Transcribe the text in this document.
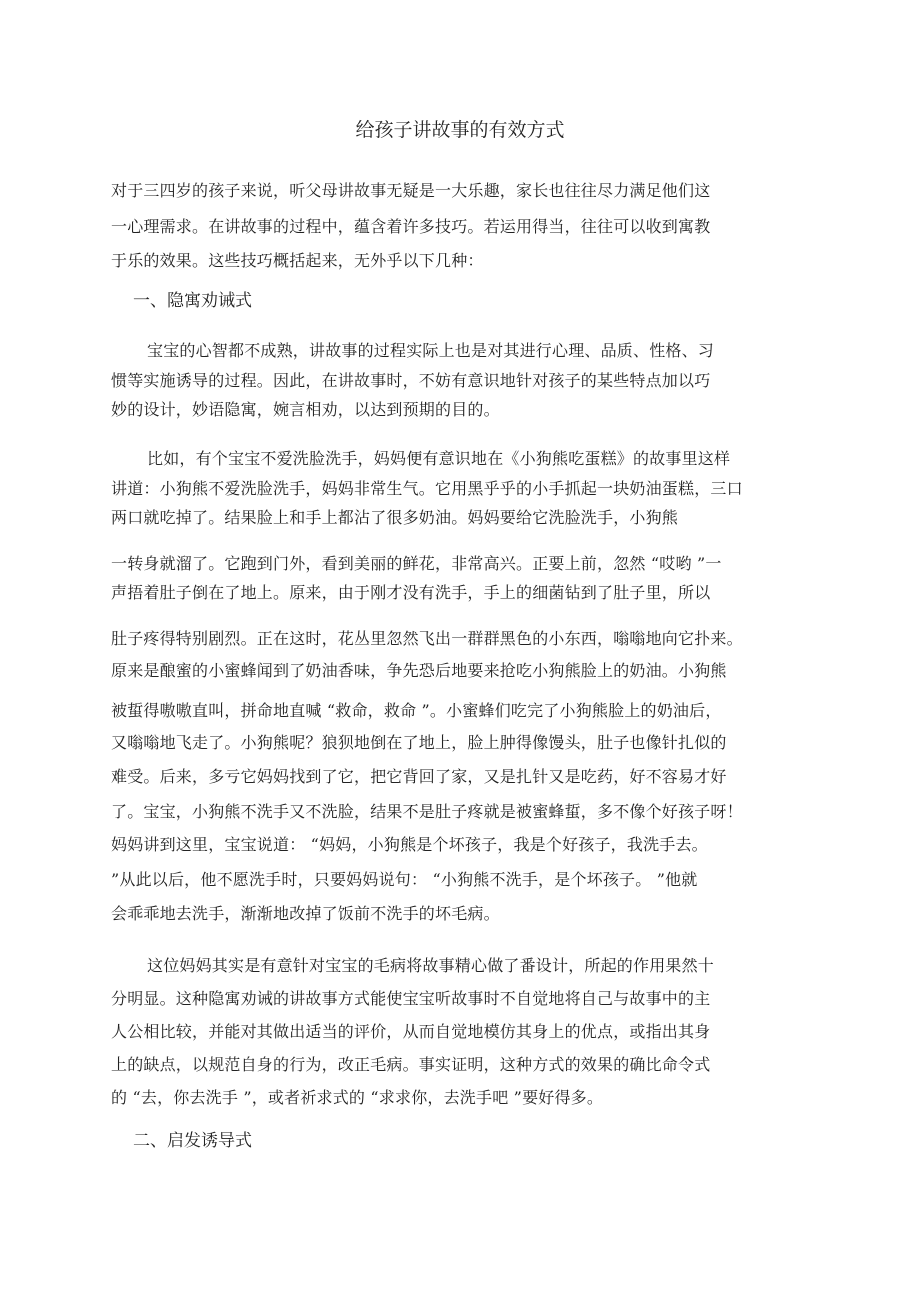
给孩子讲故事的有效方式
对于三四岁的孩子来说，听父母讲故事无疑是一大乐趣，家长也往往尽力满足他们这
一心理需求。在讲故事的过程中，蕴含着许多技巧。若运用得当，往往可以收到寓教
于乐的效果。这些技巧概括起来，无外乎以下几种：
一、隐寓劝诫式
宝宝的心智都不成熟，讲故事的过程实际上也是对其进行心理、品质、性格、习
惯等实施诱导的过程。因此，在讲故事时，不妨有意识地针对孩子的某些特点加以巧
妙的设计，妙语隐寓，婉言相劝，以达到预期的目的。
比如，有个宝宝不爱洗脸洗手，妈妈便有意识地在《小狗熊吃蛋糕》的故事里这样
讲道：小狗熊不爱洗脸洗手，妈妈非常生气。它用黑乎乎的小手抓起一块奶油蛋糕，三口
两口就吃掉了。结果脸上和手上都沾了很多奶油。妈妈要给它洗脸洗手，小狗熊
一转身就溜了。它跑到门外，看到美丽的鲜花，非常高兴。正要上前，忽然 “哎哟 ”一
声捂着肚子倒在了地上。原来，由于刚才没有洗手，手上的细菌钻到了肚子里，所以
肚子疼得特别剧烈。正在这时，花丛里忽然飞出一群群黑色的小东西，嗡嗡地向它扑来。
原来是酿蜜的小蜜蜂闻到了奶油香味，争先恐后地要来抢吃小狗熊脸上的奶油。小狗熊
被蜇得嗷嗷直叫，拼命地直喊 “救命，救命 ”。小蜜蜂们吃完了小狗熊脸上的奶油后，
又嗡嗡地飞走了。小狗熊呢？狼狈地倒在了地上，脸上肿得像馒头，肚子也像针扎似的
难受。后来，多亏它妈妈找到了它，把它背回了家，又是扎针又是吃药，好不容易才好
了。宝宝，小狗熊不洗手又不洗脸，结果不是肚子疼就是被蜜蜂蜇，多不像个好孩子呀！
妈妈讲到这里，宝宝说道： “妈妈，小狗熊是个坏孩子，我是个好孩子，我洗手去。
”从此以后，他不愿洗手时，只要妈妈说句： “小狗熊不洗手，是个坏孩子。 ”他就
会乖乖地去洗手，渐渐地改掉了饭前不洗手的坏毛病。
这位妈妈其实是有意针对宝宝的毛病将故事精心做了番设计，所起的作用果然十
分明显。这种隐寓劝诫的讲故事方式能使宝宝听故事时不自觉地将自己与故事中的主
人公相比较，并能对其做出适当的评价，从而自觉地模仿其身上的优点，或指出其身
上的缺点，以规范自身的行为，改正毛病。事实证明，这种方式的效果的确比命令式
的 “去，你去洗手 ”，或者祈求式的 “求求你，去洗手吧 ”要好得多。
二、启发诱导式
